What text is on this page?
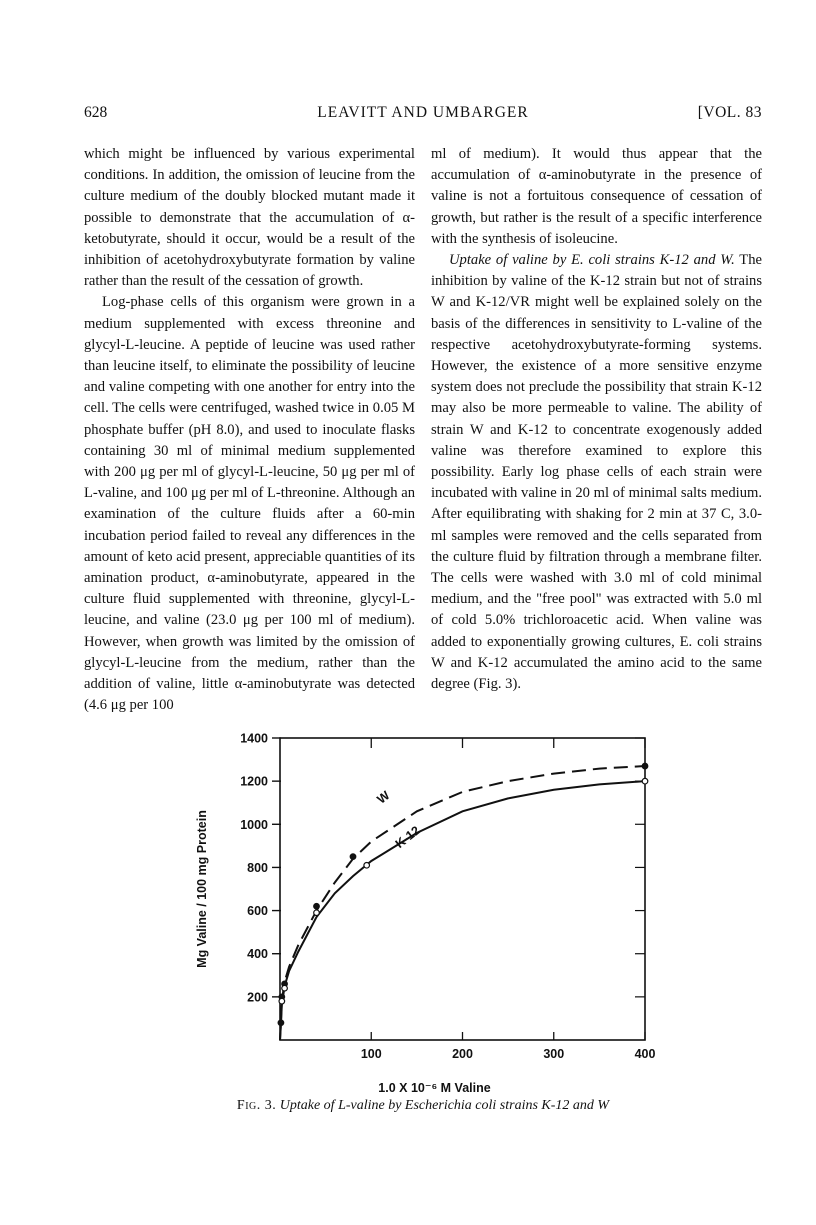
628	LEAVITT AND UMBARGER	[VOL. 83

which might be influenced by various experimental conditions. In addition, the omission of leucine from the culture medium of the doubly blocked mutant made it possible to demonstrate that the accumulation of α-ketobutyrate, should it occur, would be a result of the inhibition of acetohydroxybutyrate formation by valine rather than the result of the cessation of growth.

Log-phase cells of this organism were grown in a medium supplemented with excess threonine and glycyl-L-leucine. A peptide of leucine was used rather than leucine itself, to eliminate the possibility of leucine and valine competing with one another for entry into the cell. The cells were centrifuged, washed twice in 0.05 M phosphate buffer (pH 8.0), and used to inoculate flasks containing 30 ml of minimal medium supplemented with 200 μg per ml of glycyl-L-leucine, 50 μg per ml of L-valine, and 100 μg per ml of L-threonine. Although an examination of the culture fluids after a 60-min incubation period failed to reveal any differences in the amount of keto acid present, appreciable quantities of its amination product, α-aminobutyrate, appeared in the culture fluid supplemented with threonine, glycyl-L-leucine, and valine (23.0 μg per 100 ml of medium). However, when growth was limited by the omission of glycyl-L-leucine from the medium, rather than the addition of valine, little α-aminobutyrate was detected (4.6 μg per 100

ml of medium). It would thus appear that the accumulation of α-aminobutyrate in the presence of valine is not a fortuitous consequence of cessation of growth, but rather is the result of a specific interference with the synthesis of isoleucine.

Uptake of valine by E. coli strains K-12 and W. The inhibition by valine of the K-12 strain but not of strains W and K-12/VR might well be explained solely on the basis of the differences in sensitivity to L-valine of the respective acetohydroxybutyrate-forming systems. However, the existence of a more sensitive enzyme system does not preclude the possibility that strain K-12 may also be more permeable to valine. The ability of strain W and K-12 to concentrate exogenously added valine was therefore examined to explore this possibility. Early log phase cells of each strain were incubated with valine in 20 ml of minimal salts medium. After equilibrating with shaking for 2 min at 37 C, 3.0-ml samples were removed and the cells separated from the culture fluid by filtration through a membrane filter. The cells were washed with 3.0 ml of cold minimal medium, and the "free pool" was extracted with 5.0 ml of cold 5.0% trichloroacetic acid. When valine was added to exponentially growing cultures, E. coli strains W and K-12 accumulated the amino acid to the same degree (Fig. 3).

200
400
600
800
1000
1200
1400
100	200	300	400
W
K-12
1.0 X 10⁻⁶ M Valine
Mg Valine / 100 mg Protein
Fig. 3. Uptake of L-valine by Escherichia coli strains K-12 and W
